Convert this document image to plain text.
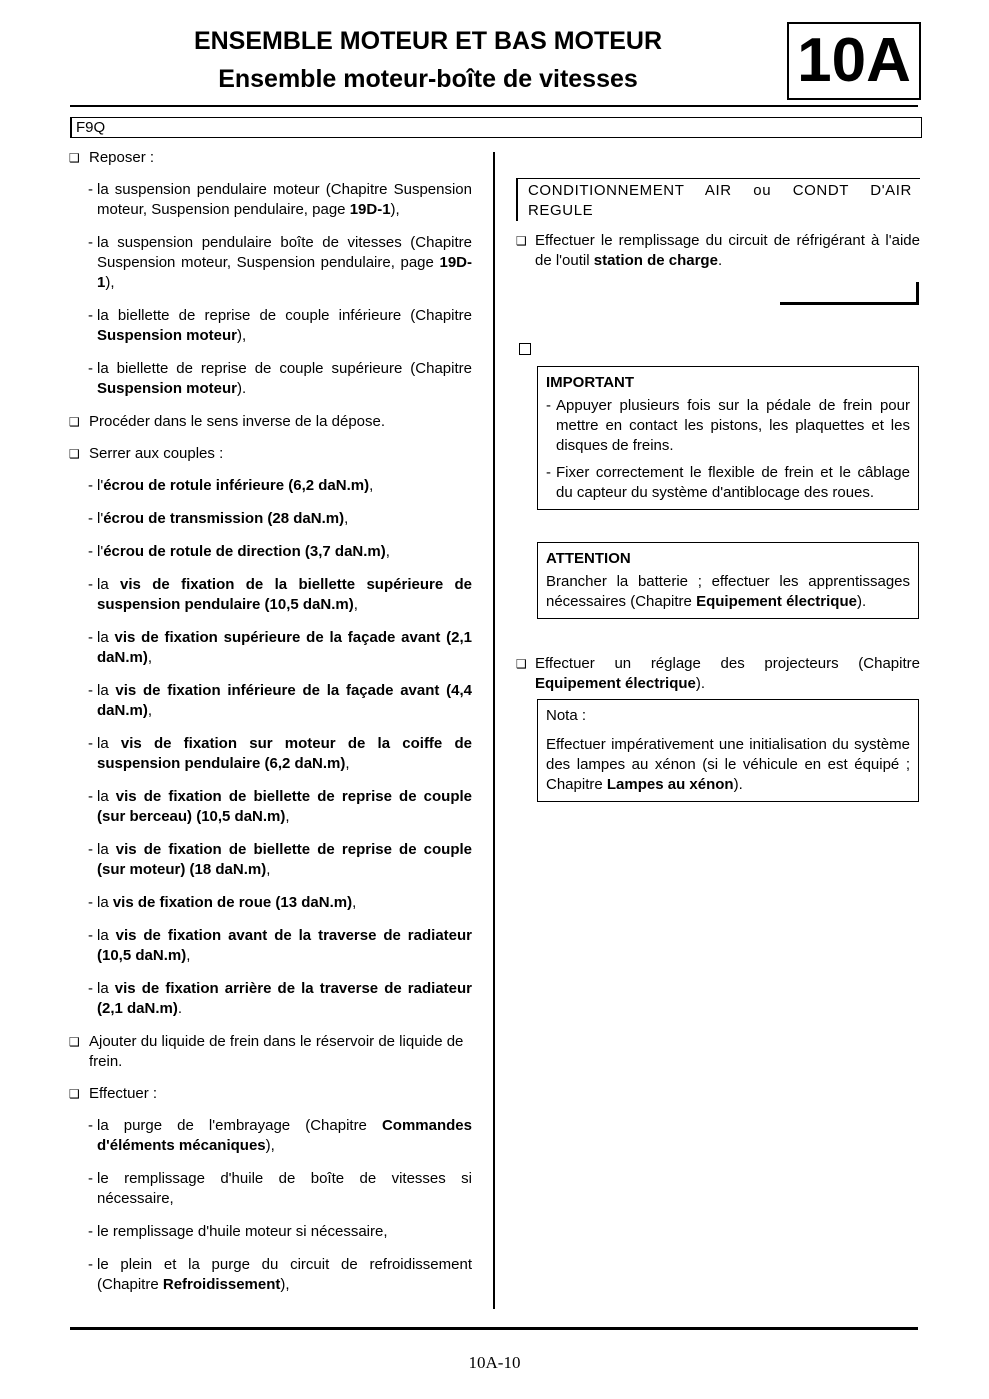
ENSEMBLE MOTEUR ET BAS MOTEUR
Ensemble moteur-boîte de vitesses	10A
F9Q
❑ Reposer :
- la suspension pendulaire moteur (Chapitre Suspension moteur, Suspension pendulaire, page 19D-1),
- la suspension pendulaire boîte de vitesses (Chapitre Suspension moteur, Suspension pendulaire, page 19D-1),
- la biellette de reprise de couple inférieure (Chapitre Suspension moteur),
- la biellette de reprise de couple supérieure (Chapitre Suspension moteur).
❑ Procéder dans le sens inverse de la dépose.
❑ Serrer aux couples :
- l'écrou de rotule inférieure (6,2 daN.m),
- l'écrou de transmission (28 daN.m),
- l'écrou de rotule de direction (3,7 daN.m),
- la vis de fixation de la biellette supérieure de suspension pendulaire (10,5 daN.m),
- la vis de fixation supérieure de la façade avant (2,1 daN.m),
- la vis de fixation inférieure de la façade avant (4,4 daN.m),
- la vis de fixation sur moteur de la coiffe de suspension pendulaire (6,2 daN.m),
- la vis de fixation de biellette de reprise de couple (sur berceau) (10,5 daN.m),
- la vis de fixation de biellette de reprise de couple (sur moteur) (18 daN.m),
- la vis de fixation de roue (13 daN.m),
- la vis de fixation avant de la traverse de radiateur (10,5 daN.m),
- la vis de fixation arrière de la traverse de radiateur (2,1 daN.m).
❑ Ajouter du liquide de frein dans le réservoir de liquide de frein.
❑ Effectuer :
- la purge de l'embrayage (Chapitre Commandes d'éléments mécaniques),
- le remplissage d'huile de boîte de vitesses si nécessaire,
- le remplissage d'huile moteur si nécessaire,
- le plein et la purge du circuit de refroidissement (Chapitre Refroidissement),
CONDITIONNEMENT AIR ou CONDT D'AIR REGULE
❑ Effectuer le remplissage du circuit de réfrigérant à l'aide de l'outil station de charge.
IMPORTANT
- Appuyer plusieurs fois sur la pédale de frein pour mettre en contact les pistons, les plaquettes et les disques de freins.
- Fixer correctement le flexible de frein et le câblage du capteur du système d'antiblocage des roues.
ATTENTION

Brancher la batterie ; effectuer les apprentissages nécessaires (Chapitre Equipement électrique).

❑ Effectuer un réglage des projecteurs (Chapitre Equipement électrique).
Nota :

Effectuer impérativement une initialisation du système des lampes au xénon (si le véhicule en est équipé ; Chapitre Lampes au xénon).

10A-10
